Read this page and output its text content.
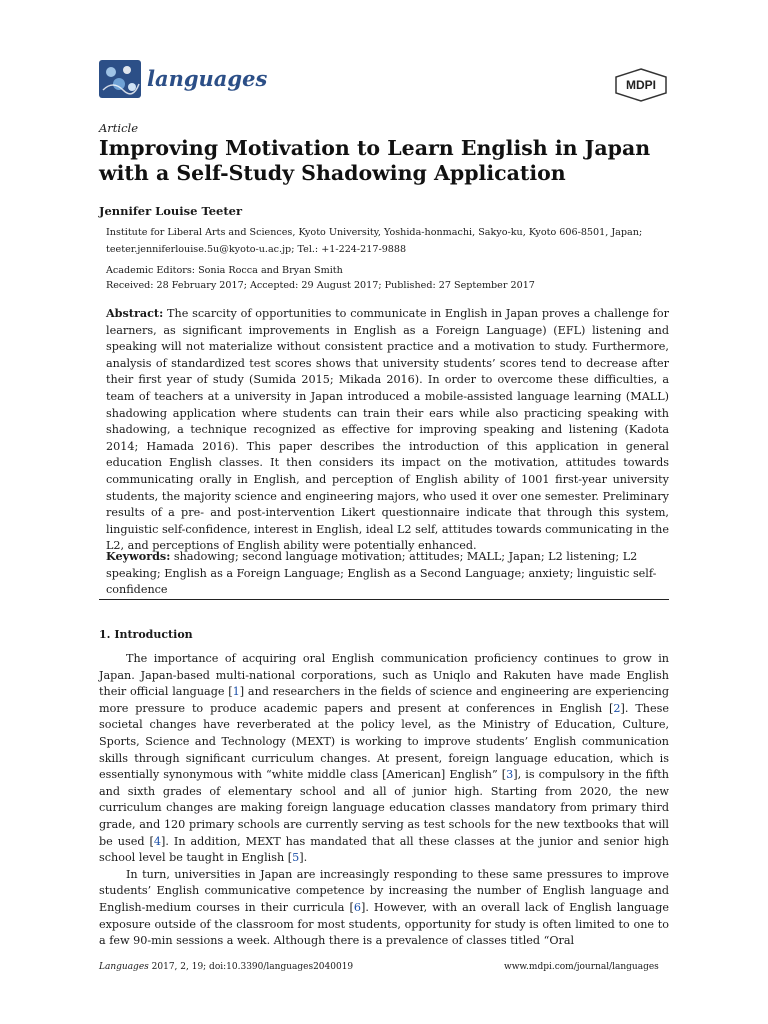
languages	MDPI
Article
Improving Motivation to Learn English in Japan with a Self-Study Shadowing Application
Jennifer Louise Teeter
Institute for Liberal Arts and Sciences, Kyoto University, Yoshida-honmachi, Sakyo-ku, Kyoto 606-8501, Japan;
teeter.jenniferlouise.5u@kyoto-u.ac.jp; Tel.: +1-224-217-9888
Academic Editors: Sonia Rocca and Bryan Smith
Received: 28 February 2017; Accepted: 29 August 2017; Published: 27 September 2017
Abstract: The scarcity of opportunities to communicate in English in Japan proves a challenge for learners, as significant improvements in English as a Foreign Language) (EFL) listening and speaking will not materialize without consistent practice and a motivation to study. Furthermore, analysis of standardized test scores shows that university students’ scores tend to decrease after their first year of study (Sumida 2015; Mikada 2016). In order to overcome these difficulties, a team of teachers at a university in Japan introduced a mobile-assisted language learning (MALL) shadowing application where students can train their ears while also practicing speaking with shadowing, a technique recognized as effective for improving speaking and listening (Kadota 2014; Hamada 2016). This paper describes the introduction of this application in general education English classes. It then considers its impact on the motivation, attitudes towards communicating orally in English, and perception of English ability of 1001 first-year university students, the majority science and engineering majors, who used it over one semester. Preliminary results of a pre- and post-intervention Likert questionnaire indicate that through this system, linguistic self-confidence, interest in English, ideal L2 self, attitudes towards communicating in the L2, and perceptions of English ability were potentially enhanced.
Keywords: shadowing; second language motivation; attitudes; MALL; Japan; L2 listening; L2 speaking; English as a Foreign Language; English as a Second Language; anxiety; linguistic self-confidence
1. Introduction

The importance of acquiring oral English communication proficiency continues to grow in Japan. Japan-based multi-national corporations, such as Uniqlo and Rakuten have made English their official language [1] and researchers in the fields of science and engineering are experiencing more pressure to produce academic papers and present at conferences in English [2]. These societal changes have reverberated at the policy level, as the Ministry of Education, Culture, Sports, Science and Technology (MEXT) is working to improve students’ English communication skills through significant curriculum changes. At present, foreign language education, which is essentially synonymous with “white middle class [American] English” [3], is compulsory in the fifth and sixth grades of elementary school and all of junior high. Starting from 2020, the new curriculum changes are making foreign language education classes mandatory from primary third grade, and 120 primary schools are currently serving as test schools for the new textbooks that will be used [4]. In addition, MEXT has mandated that all these classes at the junior and senior high school level be taught in English [5].

In turn, universities in Japan are increasingly responding to these same pressures to improve students’ English communicative competence by increasing the number of English language and English-medium courses in their curricula [6]. However, with an overall lack of English language exposure outside of the classroom for most students, opportunity for study is often limited to one to a few 90-min sessions a week. Although there is a prevalence of classes titled “Oral

Languages 2017, 2, 19; doi:10.3390/languages2040019	www.mdpi.com/journal/languages
